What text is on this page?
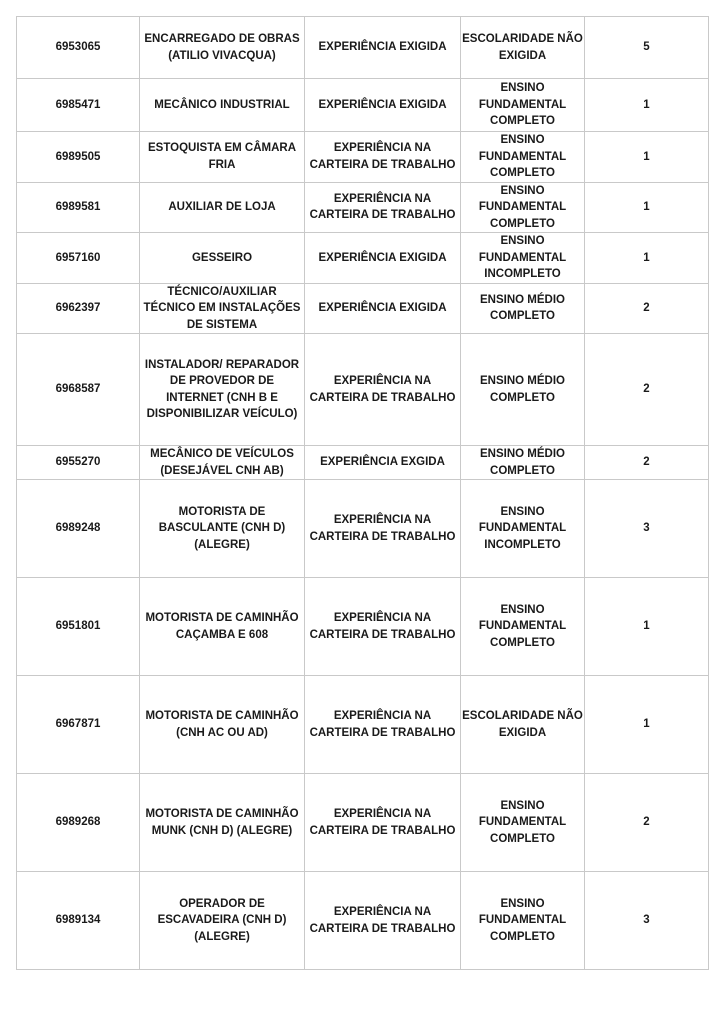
6953065	ENCARREGADO DE OBRAS (ATILIO VIVACQUA)	EXPERIÊNCIA EXIGIDA	ESCOLARIDADE NÃO EXIGIDA	5
6985471	MECÂNICO INDUSTRIAL	EXPERIÊNCIA EXIGIDA	ENSINO FUNDAMENTAL COMPLETO	1
6989505	ESTOQUISTA EM CÂMARA FRIA	EXPERIÊNCIA NA CARTEIRA DE TRABALHO	ENSINO FUNDAMENTAL COMPLETO	1
6989581	AUXILIAR DE LOJA	EXPERIÊNCIA NA CARTEIRA DE TRABALHO	ENSINO FUNDAMENTAL COMPLETO	1
6957160	GESSEIRO	EXPERIÊNCIA EXIGIDA	ENSINO FUNDAMENTAL INCOMPLETO	1
6962397	TÉCNICO/AUXILIAR TÉCNICO EM INSTALAÇÕES DE SISTEMA	EXPERIÊNCIA EXIGIDA	ENSINO MÉDIO COMPLETO	2
6968587	INSTALADOR/ REPARADOR DE PROVEDOR DE INTERNET (CNH B E DISPONIBILIZAR VEÍCULO)	EXPERIÊNCIA NA CARTEIRA DE TRABALHO	ENSINO MÉDIO COMPLETO	2
6955270	MECÂNICO DE VEÍCULOS (DESEJÁVEL CNH AB)	EXPERIÊNCIA EXGIDA	ENSINO MÉDIO COMPLETO	2
6989248	MOTORISTA DE BASCULANTE (CNH D) (ALEGRE)	EXPERIÊNCIA NA CARTEIRA DE TRABALHO	ENSINO FUNDAMENTAL INCOMPLETO	3
6951801	MOTORISTA DE CAMINHÃO CAÇAMBA E 608	EXPERIÊNCIA NA CARTEIRA DE TRABALHO	ENSINO FUNDAMENTAL COMPLETO	1
6967871	MOTORISTA DE CAMINHÃO (CNH AC OU AD)	EXPERIÊNCIA NA CARTEIRA DE TRABALHO	ESCOLARIDADE NÃO EXIGIDA	1
6989268	MOTORISTA DE CAMINHÃO MUNK (CNH D) (ALEGRE)	EXPERIÊNCIA NA CARTEIRA DE TRABALHO	ENSINO FUNDAMENTAL COMPLETO	2
6989134	OPERADOR DE ESCAVADEIRA (CNH D) (ALEGRE)	EXPERIÊNCIA NA CARTEIRA DE TRABALHO	ENSINO FUNDAMENTAL COMPLETO	3
